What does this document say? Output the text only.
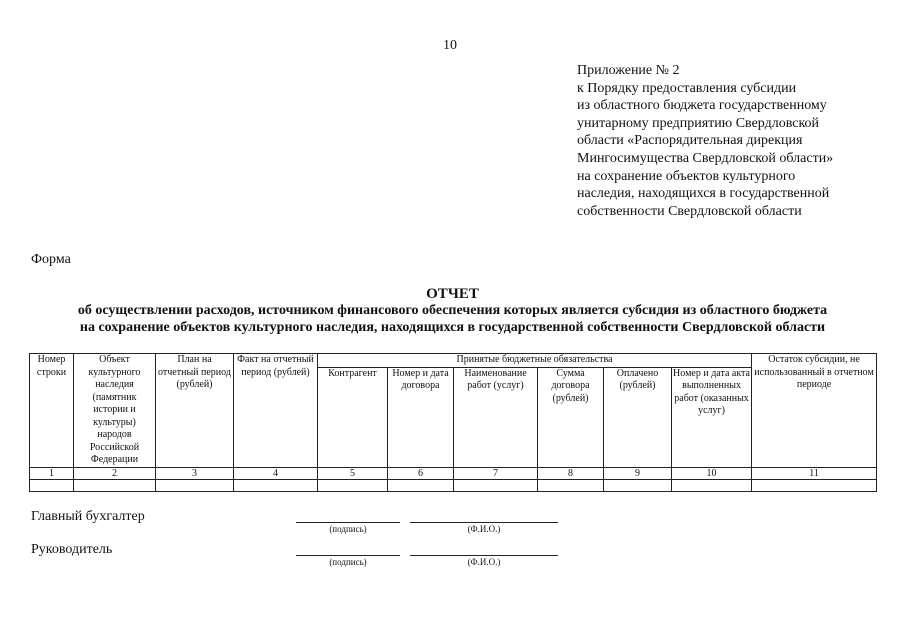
10
Приложение № 2
к Порядку предоставления субсидии
из областного бюджета государственному
унитарному предприятию Свердловской
области «Распорядительная дирекция
Мингосимущества Свердловской области»
на сохранение объектов культурного
наследия, находящихся в государственной
собственности Свердловской области
Форма
ОТЧЕТ
об осуществлении расходов, источником финансового обеспечения которых является субсидия из областного бюджета
на сохранение объектов культурного наследия, находящихся в государственной собственности Свердловской области
Номер строки	Объект культурного наследия (памятник истории и культуры) народов Российской Федерации	План на отчетный период (рублей)	Факт на отчетный период (рублей)	Принятые бюджетные обязательства						Остаток субсидии, не использованный в отчетном периоде
				Контрагент	Номер и дата договора	Наименование работ (услуг)	Сумма договора (рублей)	Оплачено (рублей)	Номер и дата акта выполненных работ (оказанных услуг)	
1	2	3	4	5	6	7	8	9	10	11

Главный бухгалтер
(подпись)	(Ф.И.О.)
Руководитель
(подпись)	(Ф.И.О.)
